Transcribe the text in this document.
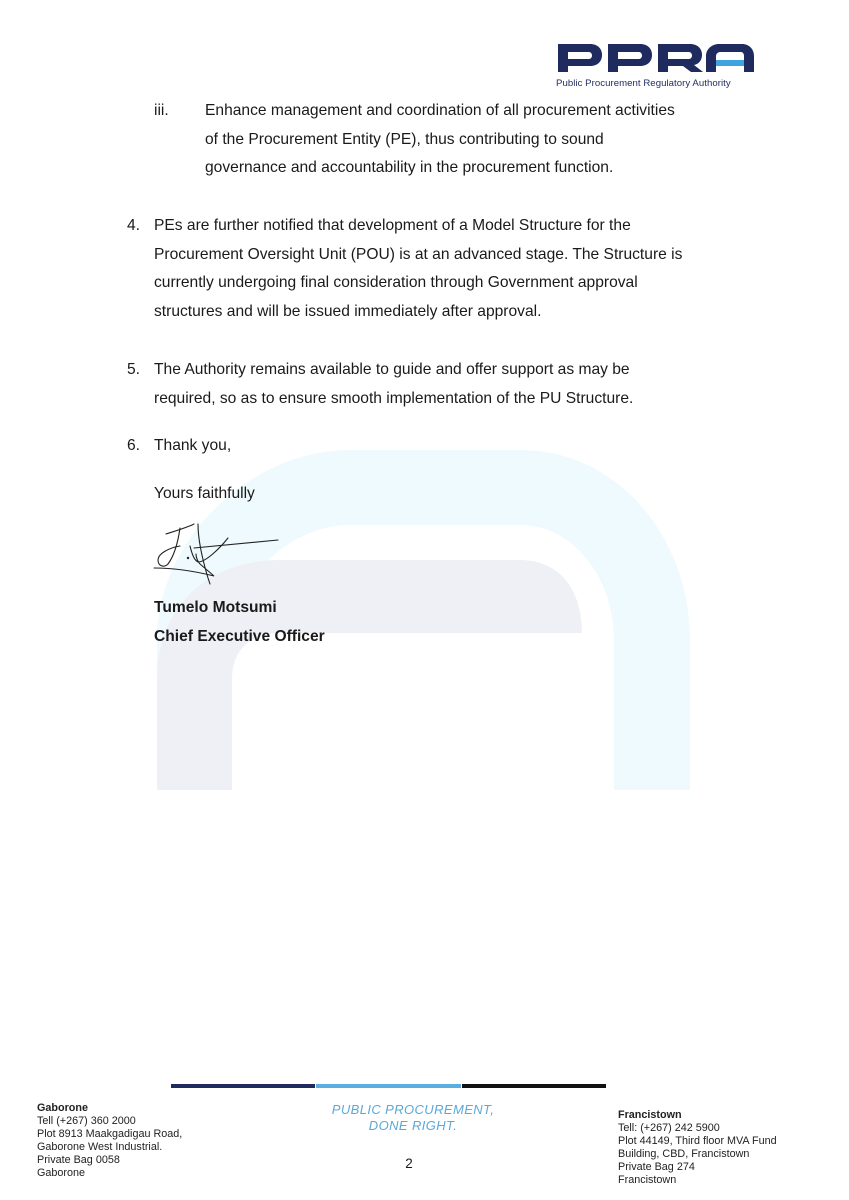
Public Procurement Regulatory Authority
iii. Enhance management and coordination of all procurement activities
of the Procurement Entity (PE), thus contributing to sound
governance and accountability in the procurement function.
4. PEs are further notified that development of a Model Structure for the
Procurement Oversight Unit (POU) is at an advanced stage. The Structure is
currently undergoing final consideration through Government approval
structures and will be issued immediately after approval.
5. The Authority remains available to guide and offer support as may be
required, so as to ensure smooth implementation of the PU Structure.
6. Thank you,
Yours faithfully
Tumelo Motsumi
Chief Executive Officer
Gaborone
Tell (+267) 360 2000
Plot 8913 Maakgadigau Road,
Gaborone West Industrial.
Private Bag 0058
Gaborone
PUBLIC PROCUREMENT,
DONE RIGHT.
2
Francistown
Tell: (+267) 242 5900
Plot 44149, Third floor MVA Fund
Building, CBD, Francistown
Private Bag 274
Francistown
